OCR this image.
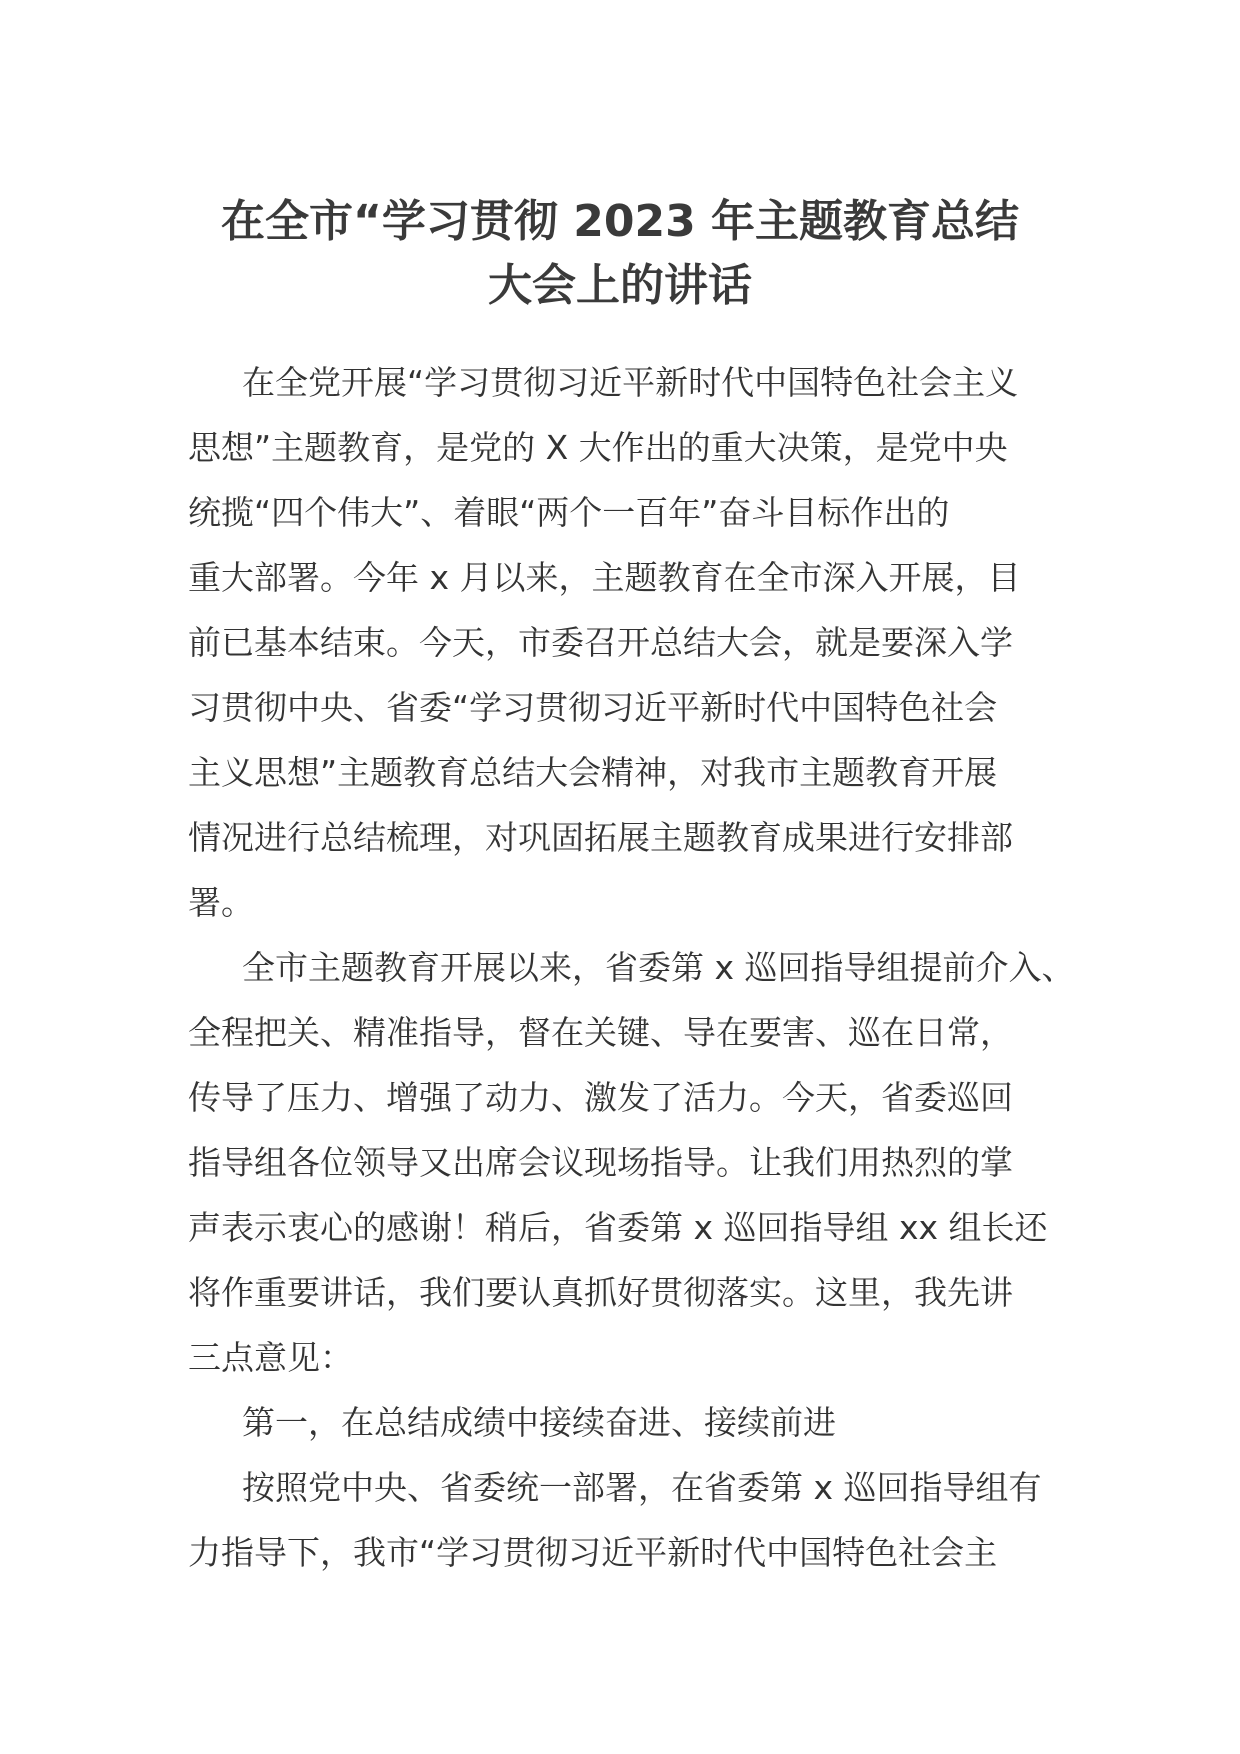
在全市“学习贯彻 2023 年主题教育总结
大会上的讲话
在全党开展“学习贯彻习近平新时代中国特色社会主义
思想”主题教育，是党的 X 大作出的重大决策，是党中央
统揽“四个伟大”、着眼“两个一百年”奋斗目标作出的
重大部署。今年 x 月以来，主题教育在全市深入开展，目
前已基本结束。今天，市委召开总结大会，就是要深入学
习贯彻中央、省委“学习贯彻习近平新时代中国特色社会
主义思想”主题教育总结大会精神，对我市主题教育开展
情况进行总结梳理，对巩固拓展主题教育成果进行安排部
署。
全市主题教育开展以来，省委第 x 巡回指导组提前介入、
全程把关、精准指导，督在关键、导在要害、巡在日常，
传导了压力、增强了动力、激发了活力。今天，省委巡回
指导组各位领导又出席会议现场指导。让我们用热烈的掌
声表示衷心的感谢！稍后，省委第 x 巡回指导组 xx 组长还
将作重要讲话，我们要认真抓好贯彻落实。这里，我先讲
三点意见：
第一，在总结成绩中接续奋进、接续前进
按照党中央、省委统一部署，在省委第 x 巡回指导组有
力指导下，我市“学习贯彻习近平新时代中国特色社会主
